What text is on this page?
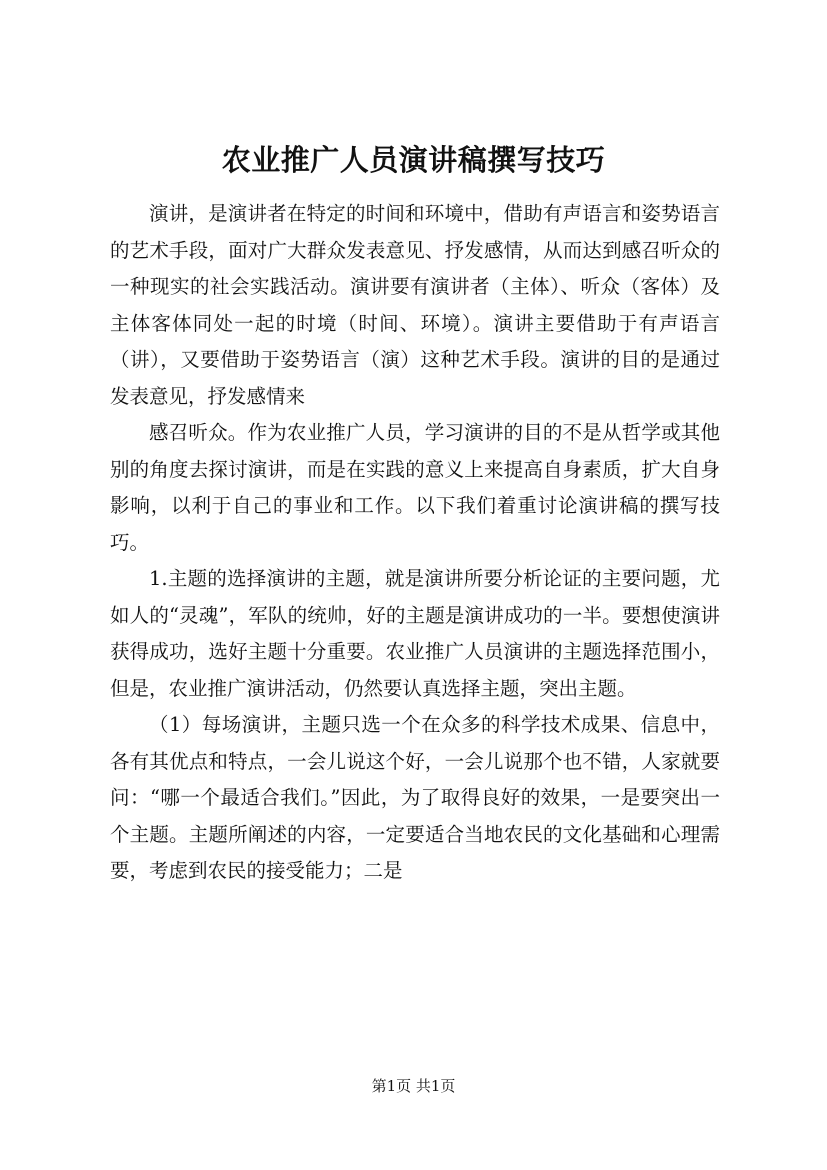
农业推广人员演讲稿撰写技巧

演讲，是演讲者在特定的时间和环境中，借助有声语言和姿势语言的艺术手段，面对广大群众发表意见、抒发感情，从而达到感召听众的一种现实的社会实践活动。演讲要有演讲者（主体）、听众（客体）及主体客体同处一起的时境（时间、环境）。演讲主要借助于有声语言（讲），又要借助于姿势语言（演）这种艺术手段。演讲的目的是通过发表意见，抒发感情来

感召听众。作为农业推广人员，学习演讲的目的不是从哲学或其他别的角度去探讨演讲，而是在实践的意义上来提高自身素质，扩大自身影响，以利于自己的事业和工作。以下我们着重讨论演讲稿的撰写技巧。

1.主题的选择演讲的主题，就是演讲所要分析论证的主要问题，尤如人的“灵魂”，军队的统帅，好的主题是演讲成功的一半。要想使演讲获得成功，选好主题十分重要。农业推广人员演讲的主题选择范围小，但是，农业推广演讲活动，仍然要认真选择主题，突出主题。

（1）每场演讲，主题只选一个在众多的科学技术成果、信息中，各有其优点和特点，一会儿说这个好，一会儿说那个也不错，人家就要问：“哪一个最适合我们。”因此，为了取得良好的效果，一是要突出一个主题。主题所阐述的内容，一定要适合当地农民的文化基础和心理需要，考虑到农民的接受能力；二是

第1页 共1页
